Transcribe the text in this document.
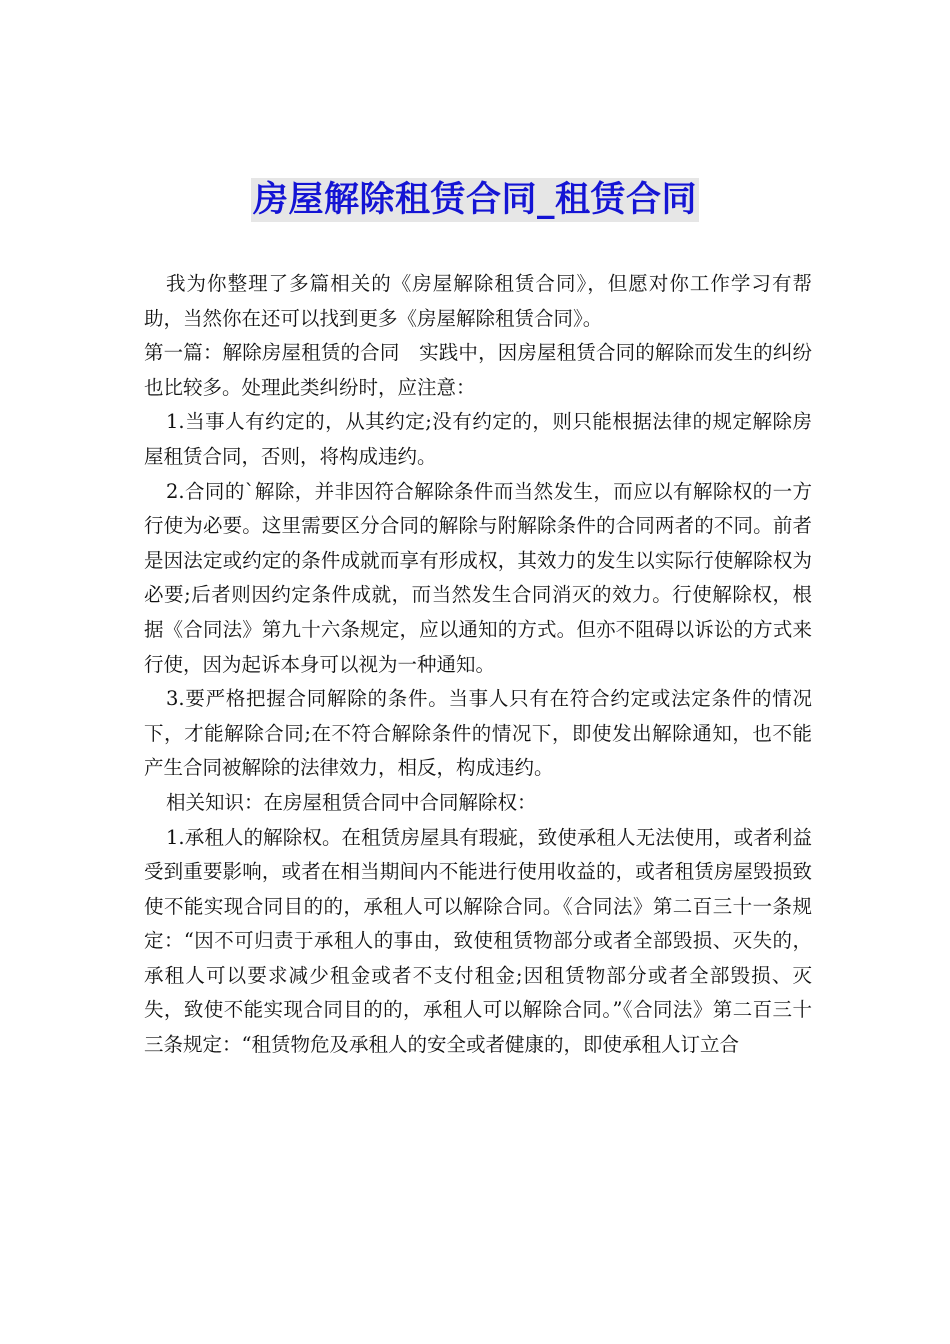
房屋解除租赁合同_租赁合同

我为你整理了多篇相关的《房屋解除租赁合同》，但愿对你工作学习有帮助，当然你在还可以找到更多《房屋解除租赁合同》。

第一篇：解除房屋租赁的合同　实践中，因房屋租赁合同的解除而发生的纠纷也比较多。处理此类纠纷时，应注意：

1.当事人有约定的，从其约定;没有约定的，则只能根据法律的规定解除房屋租赁合同，否则，将构成违约。

2.合同的`解除，并非因符合解除条件而当然发生，而应以有解除权的一方行使为必要。这里需要区分合同的解除与附解除条件的合同两者的不同。前者是因法定或约定的条件成就而享有形成权，其效力的发生以实际行使解除权为必要;后者则因约定条件成就，而当然发生合同消灭的效力。行使解除权，根据《合同法》第九十六条规定，应以通知的方式。但亦不阻碍以诉讼的方式来行使，因为起诉本身可以视为一种通知。

3.要严格把握合同解除的条件。当事人只有在符合约定或法定条件的情况下，才能解除合同;在不符合解除条件的情况下，即使发出解除通知，也不能产生合同被解除的法律效力，相反，构成违约。

相关知识：在房屋租赁合同中合同解除权：

1.承租人的解除权。在租赁房屋具有瑕疵，致使承租人无法使用，或者利益受到重要影响，或者在相当期间内不能进行使用收益的，或者租赁房屋毁损致使不能实现合同目的的，承租人可以解除合同。《合同法》第二百三十一条规定：“因不可归责于承租人的事由，致使租赁物部分或者全部毁损、灭失的，承租人可以要求减少租金或者不支付租金;因租赁物部分或者全部毁损、灭失，致使不能实现合同目的的，承租人可以解除合同。”《合同法》第二百三十三条规定：“租赁物危及承租人的安全或者健康的，即使承租人订立合
